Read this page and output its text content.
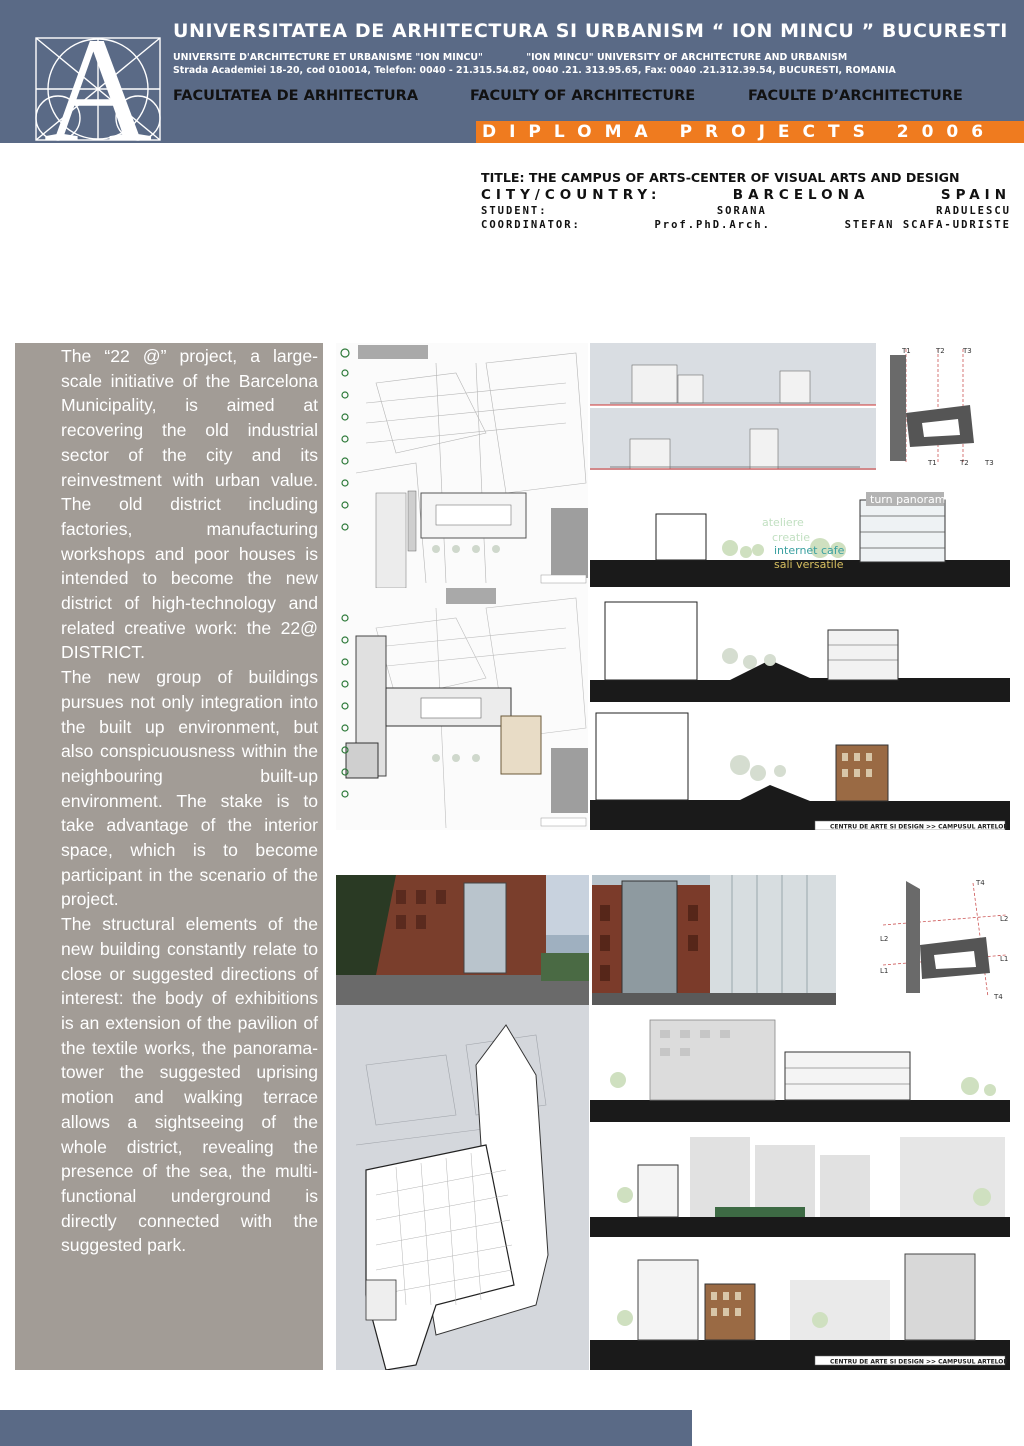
A UNIVERSITATEA DE ARHITECTURA SI URBANISM “ ION MINCU ” BUCURESTI
UNIVERSITE D'ARCHITECTURE ET URBANISME "ION MINCU"	"ION MINCU" UNIVERSITY OF ARCHITECTURE AND URBANISM
Strada Academiei 18-20, cod 010014, Telefon: 0040 - 21.315.54.82, 0040 .21. 313.95.65, Fax: 0040 .21.312.39.54, BUCURESTI, ROMANIA
FACULTATEA DE ARHITECTURA	FACULTY OF ARCHITECTURE	FACULTE D’ARCHITECTURE
DIPLOMA PROJECTS 2006
TITLE: THE CAMPUS OF ARTS-CENTER OF VISUAL ARTS AND DESIGN
CITY/COUNTRY:	BARCELONA	SPAIN
STUDENT:	SORANA	RADULESCU
COORDINATOR:	Prof.PhD.Arch.	STEFAN SCAFA-UDRISTE

The “22 @” project, a large-scale initiative of the Barcelona Municipality, is aimed at recovering the old industrial sector of the city and its reinvestment with urban value. The old district including factories, manufacturing workshops and poor houses is intended to become the new district of high-technology and related creative work: the 22@ DISTRICT.

The new group of buildings pursues not only integration into the built up environment, but also conspicuousness within the neighbouring built-up environment. The stake is to take advantage of the interior space, which is to become participant in the scenario of the project.

The structural elements of the new building constantly relate to close or suggested directions of interest: the body of exhibitions is an extension of the pavilion of the textile works, the panorama-tower the suggested uprising motion and walking terrace allows a sightseeing of the whole district, revealing the presence of the sea, the multi-functional underground is directly connected with the suggested park.

T1	T2	T3
T1	T2 T3
turn panorama
ateliere
creatie
internet cafe
sali versatile
CENTRU DE ARTE SI DESIGN >> CAMPUSUL ARTELOR
T4
L2
L2
L1
L1
T4
CENTRU DE ARTE SI DESIGN >> CAMPUSUL ARTELOR
